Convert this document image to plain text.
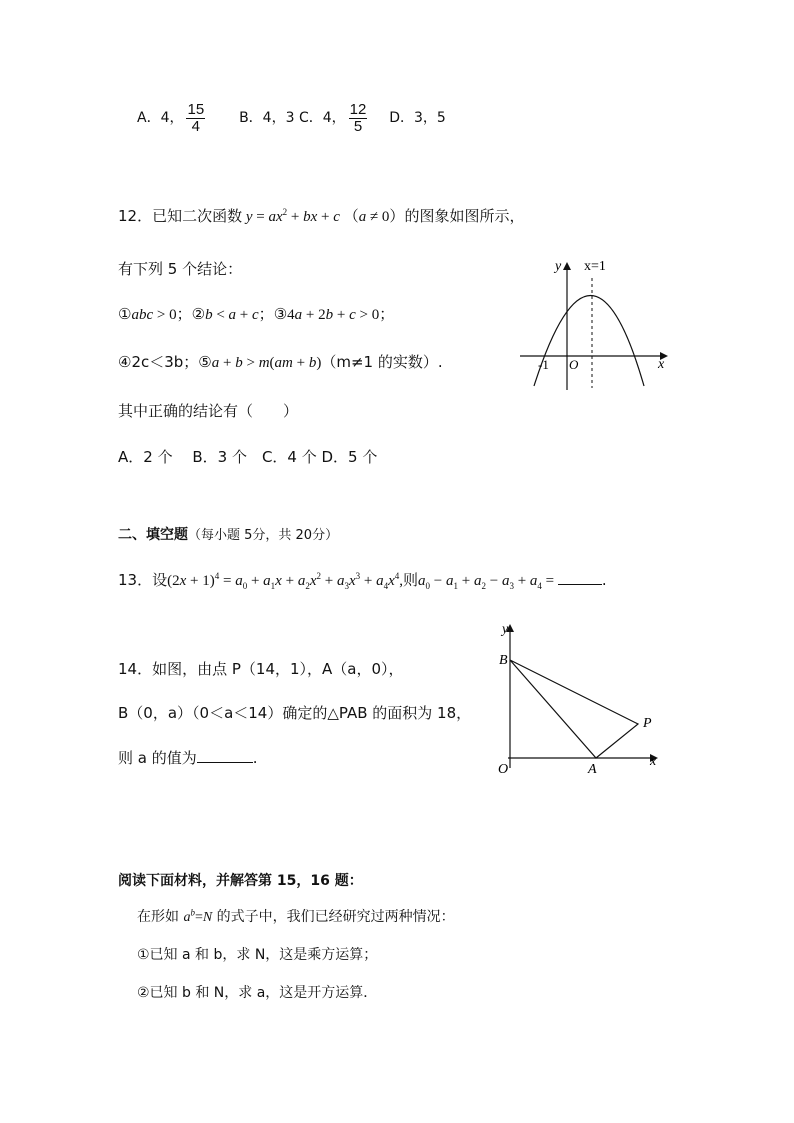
A．4， $\frac{15}{4}$ B．4，3 C．4， $\frac{12}{5}$ D．3，5
12．已知二次函数 $y = ax^2$ + bx + c （a ≠ 0）的图象如图所示，
有下列 5 个结论：
①abc > 0；②b < a + c；③4a + 2b + c > 0；
④2c＜3b；⑤a + b > m(am + b)（m≠1 的实数）.
其中正确的结论有（　　）
A．2 个　 B．3 个　C．4 个 D．5 个
y x=1
x
-1 O
二、填空题（每小题 5分，共 20分）
13．设$(2x + 1)^4 = a_0 + a_1x + a_2x^2 + a_3x^3 + a_4x^4$,则$a_0 - a_1 + a_2 - a_3 + a_4$ =	.
14．如图，由点 P（14，1），A（a，0），
B（0，a）（0＜a＜14）确定的△PAB 的面积为 18，
则 a 的值为	.
y
x
B
P
A
O
阅读下面材料，并解答第 15，16 题：
在形如 $a^b=N$ 的式子中，我们已经研究过两种情况：
①已知 a 和 b，求 N，这是乘方运算；
②已知 b 和 N，求 a，这是开方运算．
